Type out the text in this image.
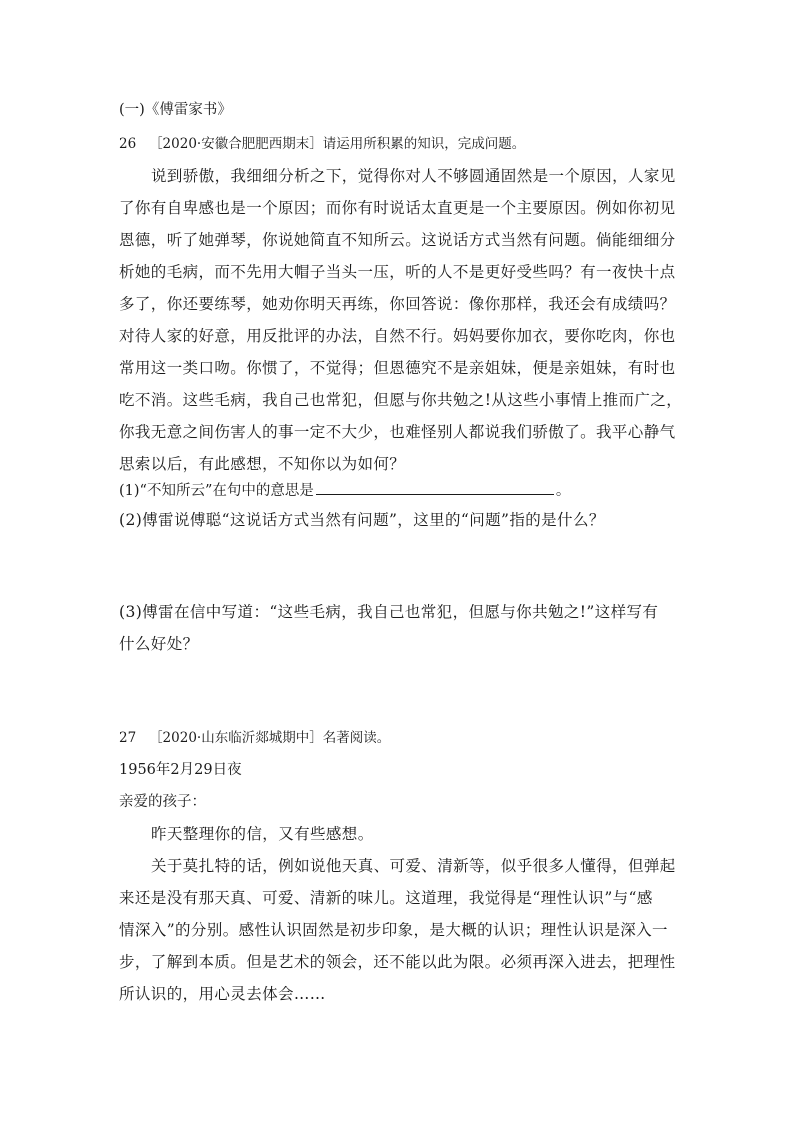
(一)《傅雷家书》
26 ［2020·安徽合肥肥西期末］请运用所积累的知识，完成问题。
说到骄傲，我细细分析之下，觉得你对人不够圆通固然是一个原因，人家见
了你有自卑感也是一个原因；而你有时说话太直更是一个主要原因。例如你初见
恩德，听了她弹琴，你说她简直不知所云。这说话方式当然有问题。倘能细细分
析她的毛病，而不先用大帽子当头一压，听的人不是更好受些吗？有一夜快十点
多了，你还要练琴，她劝你明天再练，你回答说：像你那样，我还会有成绩吗？
对待人家的好意，用反批评的办法，自然不行。妈妈要你加衣，要你吃肉，你也
常用这一类口吻。你惯了，不觉得；但恩德究不是亲姐妹，便是亲姐妹，有时也
吃不消。这些毛病，我自己也常犯，但愿与你共勉之!从这些小事情上推而广之，
你我无意之间伤害人的事一定不大少，也难怪别人都说我们骄傲了。我平心静气
思索以后，有此感想，不知你以为如何？
(1)“不知所云”在句中的意思是	。
(2)傅雷说傅聪“这说话方式当然有问题”，这里的“问题”指的是什么？
(3)傅雷在信中写道：“这些毛病，我自己也常犯，但愿与你共勉之!”这样写有
什么好处？
27 ［2020·山东临沂郯城期中］名著阅读。
1956年2月29日夜
亲爱的孩子：
昨天整理你的信，又有些感想。
关于莫扎特的话，例如说他天真、可爱、清新等，似乎很多人懂得，但弹起
来还是没有那天真、可爱、清新的味儿。这道理，我觉得是“理性认识”与“感
情深入”的分别。感性认识固然是初步印象，是大概的认识；理性认识是深入一
步，了解到本质。但是艺术的领会，还不能以此为限。必须再深入进去，把理性
所认识的，用心灵去体会……
